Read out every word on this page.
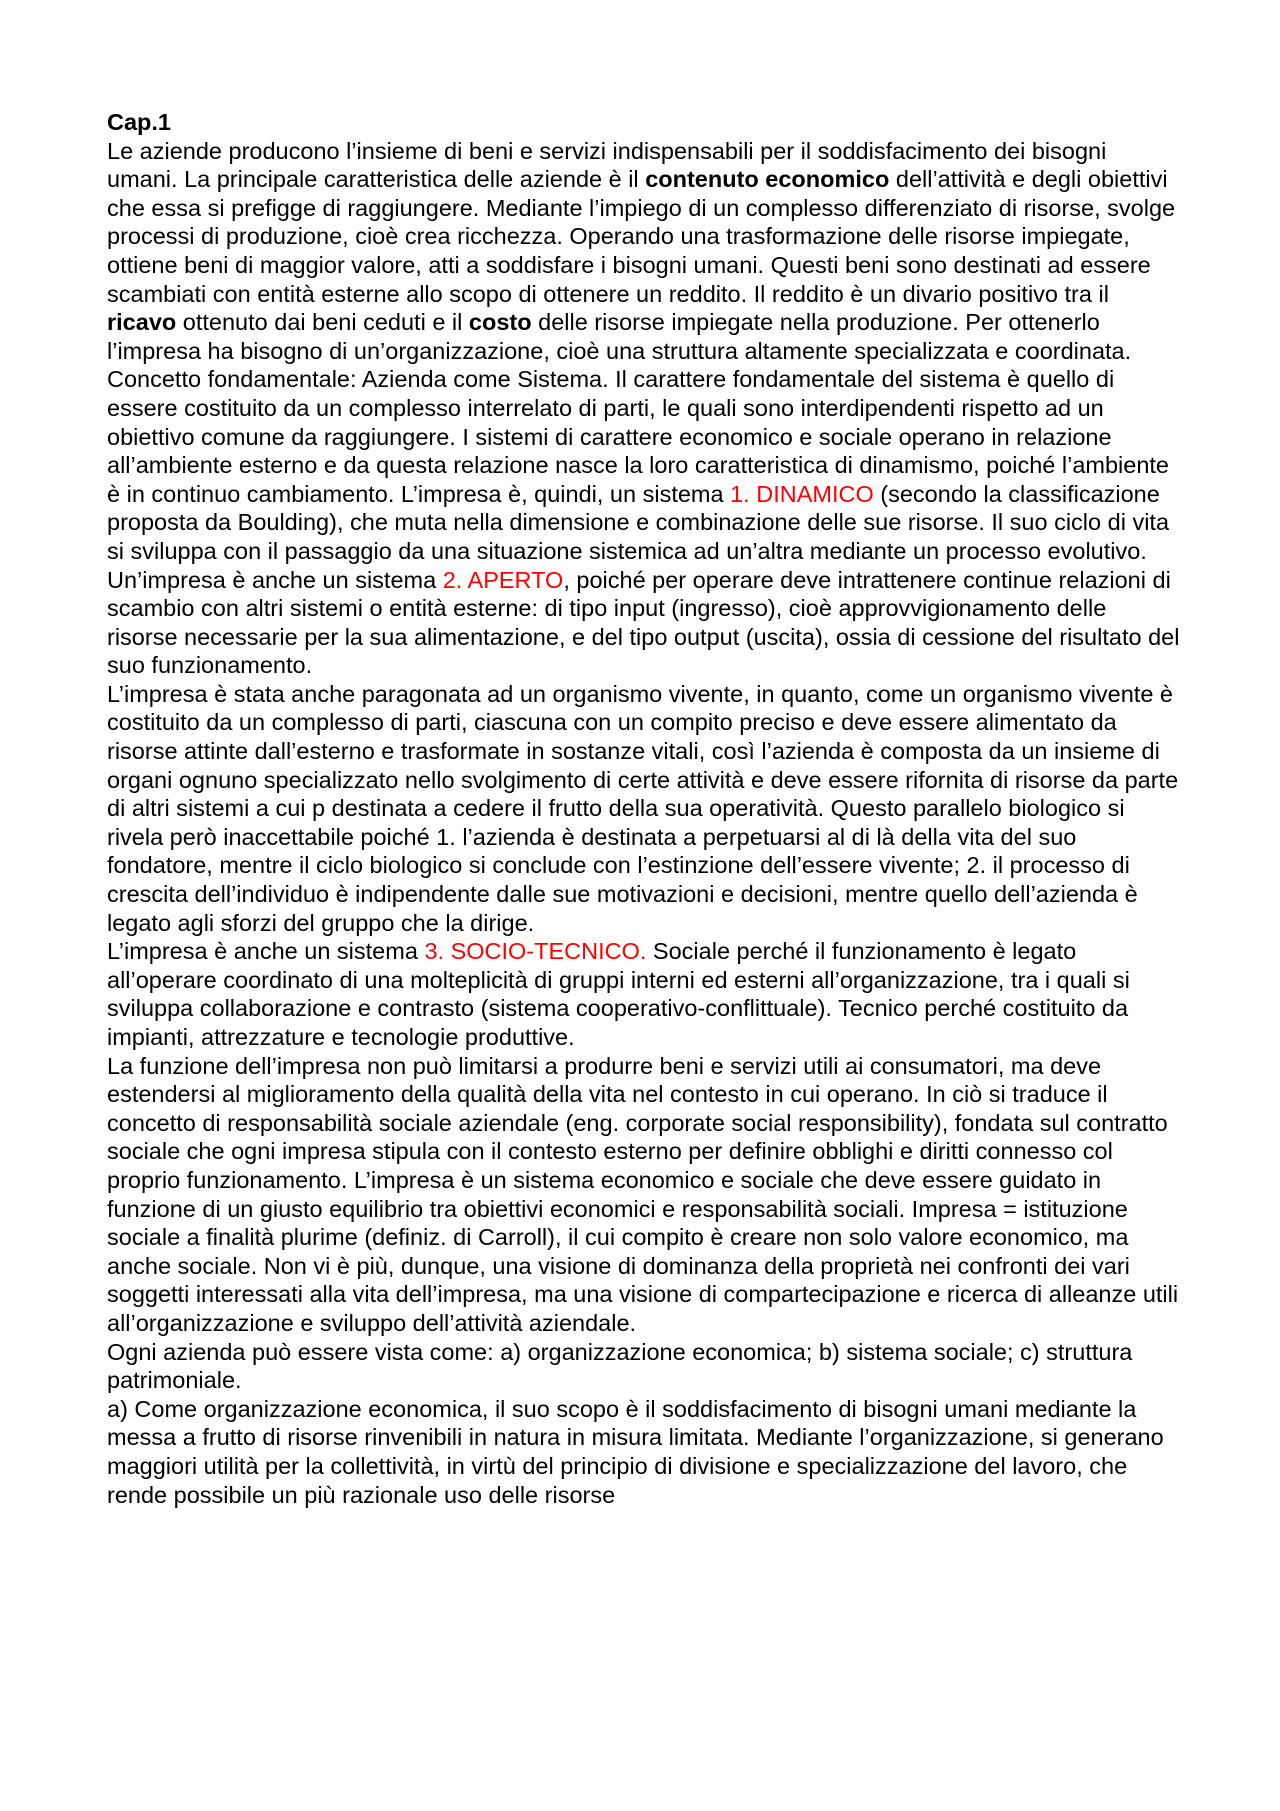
Cap.1

Le aziende producono l’insieme di beni e servizi indispensabili per il soddisfacimento dei bisogni umani. La principale caratteristica delle aziende è il contenuto economico dell’attività e degli obiettivi che essa si prefigge di raggiungere. Mediante l’impiego di un complesso differenziato di risorse, svolge processi di produzione, cioè crea ricchezza. Operando una trasformazione delle risorse impiegate, ottiene beni di maggior valore, atti a soddisfare i bisogni umani. Questi beni sono destinati ad essere scambiati con entità esterne allo scopo di ottenere un reddito. Il reddito è un divario positivo tra il ricavo ottenuto dai beni ceduti e il costo delle risorse impiegate nella produzione. Per ottenerlo l’impresa ha bisogno di un’organizzazione, cioè una struttura altamente specializzata e coordinata.

Concetto fondamentale: Azienda come Sistema. Il carattere fondamentale del sistema è quello di essere costituito da un complesso interrelato di parti, le quali sono interdipendenti rispetto ad un obiettivo comune da raggiungere. I sistemi di carattere economico e sociale operano in relazione all’ambiente esterno e da questa relazione nasce la loro caratteristica di dinamismo, poiché l’ambiente è in continuo cambiamento. L’impresa è, quindi, un sistema 1. DINAMICO (secondo la classificazione proposta da Boulding), che muta nella dimensione e combinazione delle sue risorse. Il suo ciclo di vita si sviluppa con il passaggio da una situazione sistemica ad un’altra mediante un processo evolutivo. Un’impresa è anche un sistema 2. APERTO, poiché per operare deve intrattenere continue relazioni di scambio con altri sistemi o entità esterne: di tipo input (ingresso), cioè approvvigionamento delle risorse necessarie per la sua alimentazione, e del tipo output (uscita), ossia di cessione del risultato del suo funzionamento.

L’impresa è stata anche paragonata ad un organismo vivente, in quanto, come un organismo vivente è costituito da un complesso di parti, ciascuna con un compito preciso e deve essere alimentato da risorse attinte dall’esterno e trasformate in sostanze vitali, così l’azienda è composta da un insieme di organi ognuno specializzato nello svolgimento di certe attività e deve essere rifornita di risorse da parte di altri sistemi a cui p destinata a cedere il frutto della sua operatività. Questo parallelo biologico si rivela però inaccettabile poiché 1. l’azienda è destinata a perpetuarsi al di là della vita del suo fondatore, mentre il ciclo biologico si conclude con l’estinzione dell’essere vivente; 2. il processo di crescita dell’individuo è indipendente dalle sue motivazioni e decisioni, mentre quello dell’azienda è legato agli sforzi del gruppo che la dirige.

L’impresa è anche un sistema 3. SOCIO-TECNICO. Sociale perché il funzionamento è legato all’operare coordinato di una molteplicità di gruppi interni ed esterni all’organizzazione, tra i quali si sviluppa collaborazione e contrasto (sistema cooperativo-conflittuale). Tecnico perché costituito da impianti, attrezzature e tecnologie produttive.

La funzione dell’impresa non può limitarsi a produrre beni e servizi utili ai consumatori, ma deve estendersi al miglioramento della qualità della vita nel contesto in cui operano. In ciò si traduce il concetto di responsabilità sociale aziendale (eng. corporate social responsibility), fondata sul contratto sociale che ogni impresa stipula con il contesto esterno per definire obblighi e diritti connesso col proprio funzionamento. L’impresa è un sistema economico e sociale che deve essere guidato in funzione di un giusto equilibrio tra obiettivi economici e responsabilità sociali. Impresa = istituzione sociale a finalità plurime (definiz. di Carroll), il cui compito è creare non solo valore economico, ma anche sociale. Non vi è più, dunque, una visione di dominanza della proprietà nei confronti dei vari soggetti interessati alla vita dell’impresa, ma una visione di compartecipazione e ricerca di alleanze utili all’organizzazione e sviluppo dell’attività aziendale.

Ogni azienda può essere vista come: a) organizzazione economica; b) sistema sociale; c) struttura patrimoniale.

a) Come organizzazione economica, il suo scopo è il soddisfacimento di bisogni umani mediante la messa a frutto di risorse rinvenibili in natura in misura limitata. Mediante l’organizzazione, si generano maggiori utilità per la collettività, in virtù del principio di divisione e specializzazione del lavoro, che rende possibile un più razionale uso delle risorse
